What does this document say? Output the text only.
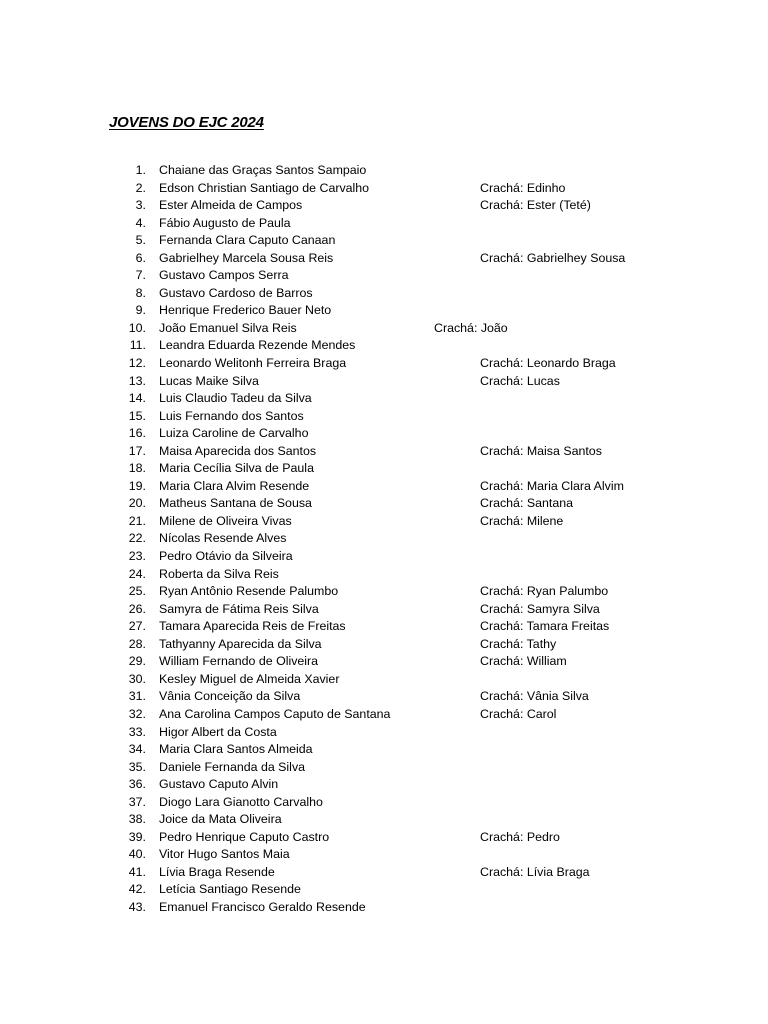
JOVENS DO EJC 2024
1. Chaiane das Graças Santos Sampaio
2. Edson Christian Santiago de Carvalho	Crachá: Edinho
3. Ester Almeida de Campos	Crachá: Ester (Teté)
4. Fábio Augusto de Paula
5. Fernanda Clara Caputo Canaan
6. Gabrielhey Marcela Sousa Reis	Crachá: Gabrielhey Sousa
7. Gustavo Campos Serra
8. Gustavo Cardoso de Barros
9. Henrique Frederico Bauer Neto
10. João Emanuel Silva Reis	Crachá: João
11. Leandra Eduarda Rezende Mendes
12. Leonardo Welitonh Ferreira Braga	Crachá: Leonardo Braga
13. Lucas Maike Silva	Crachá: Lucas
14. Luis Claudio Tadeu da Silva
15. Luis Fernando dos Santos
16. Luiza Caroline de Carvalho
17. Maisa Aparecida dos Santos	Crachá: Maisa Santos
18. Maria Cecília Silva de Paula
19. Maria Clara Alvim Resende	Crachá: Maria Clara Alvim
20. Matheus Santana de Sousa	Crachá: Santana
21. Milene de Oliveira Vivas	Crachá: Milene
22. Nícolas Resende Alves
23. Pedro Otávio da Silveira
24. Roberta da Silva Reis
25. Ryan Antônio Resende Palumbo	Crachá: Ryan Palumbo
26. Samyra de Fátima Reis Silva	Crachá: Samyra Silva
27. Tamara Aparecida Reis de Freitas	Crachá: Tamara Freitas
28. Tathyanny Aparecida da Silva	Crachá: Tathy
29. William Fernando de Oliveira	Crachá: William
30. Kesley Miguel de Almeida Xavier
31. Vânia Conceição da Silva	Crachá: Vânia Silva
32. Ana Carolina Campos Caputo de Santana	Crachá: Carol
33. Higor Albert da Costa
34. Maria Clara Santos Almeida
35. Daniele Fernanda da Silva
36. Gustavo Caputo Alvin
37. Diogo Lara Gianotto Carvalho
38. Joice da Mata Oliveira
39. Pedro Henrique Caputo Castro	Crachá: Pedro
40. Vitor Hugo Santos Maia
41. Lívia Braga Resende	Crachá: Lívia Braga
42. Letícia Santiago Resende
43. Emanuel Francisco Geraldo Resende
